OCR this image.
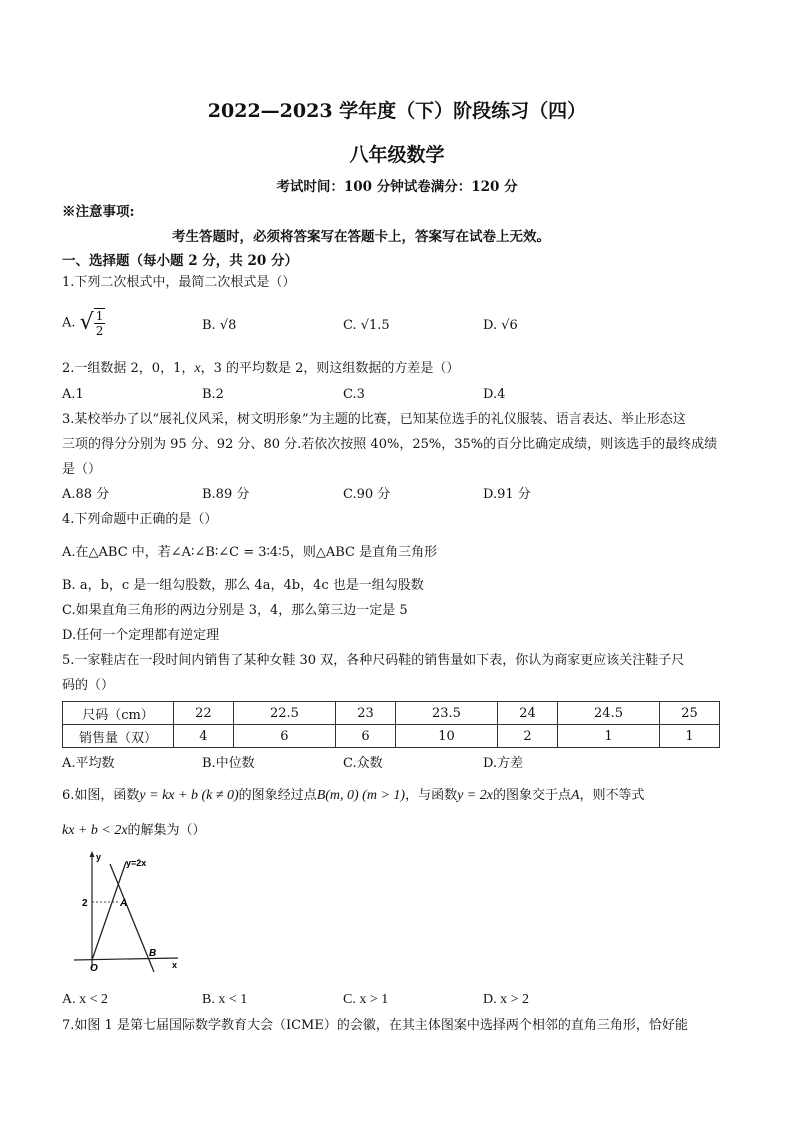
2022—2023 学年度（下）阶段练习（四）
八年级数学
考试时间：100 分钟试卷满分：120 分
※注意事项:
考生答题时，必须将答案写在答题卡上，答案写在试卷上无效。
一、选择题（每小题 2 分，共 20 分）
1.下列二次根式中，最简二次根式是（）
A. √ $\frac{1}{2}$	B. √8	C. √1.5	D. √6
2.一组数据 2，0，1，x，3 的平均数是 2，则这组数据的方差是（）
A.1	B.2	C.3	D.4
3.某校举办了以“展礼仪风采，树文明形象”为主题的比赛，已知某位选手的礼仪服装、语言表达、举止形态这
三项的得分分别为 95 分、92 分、80 分.若依次按照 40%，25%，35%的百分比确定成绩，则该选手的最终成绩
是（）
A.88 分	B.89 分	C.90 分	D.91 分
4.下列命题中正确的是（）
A.在△ABC 中，若∠A∶∠B∶∠C = 3∶4∶5，则△ABC 是直角三角形
B. a，b，c 是一组勾股数，那么 4a，4b，4c 也是一组勾股数
C.如果直角三角形的两边分别是 3，4，那么第三边一定是 5
D.任何一个定理都有逆定理
5.一家鞋店在一段时间内销售了某种女鞋 30 双，各种尺码鞋的销售量如下表，你认为商家更应该关注鞋子尺
码的（）
尺码（cm）	22	22.5	23	23.5	24	24.5	25
销售量（双）	4	6	6	10	2	1	1
A.平均数	B.中位数	C.众数	D.方差
6.如图，函数y = kx + b (k ≠ 0)的图象经过点B(m, 0) (m > 1)，与函数y = 2x的图象交于点A，则不等式
kx + b < 2x的解集为（）
y
y=2x
2	A
B
O	x
A. x < 2	B. x < 1	C. x > 1	D. x > 2
7.如图 1 是第七届国际数学教育大会（ICME）的会徽，在其主体图案中选择两个相邻的直角三角形，恰好能
